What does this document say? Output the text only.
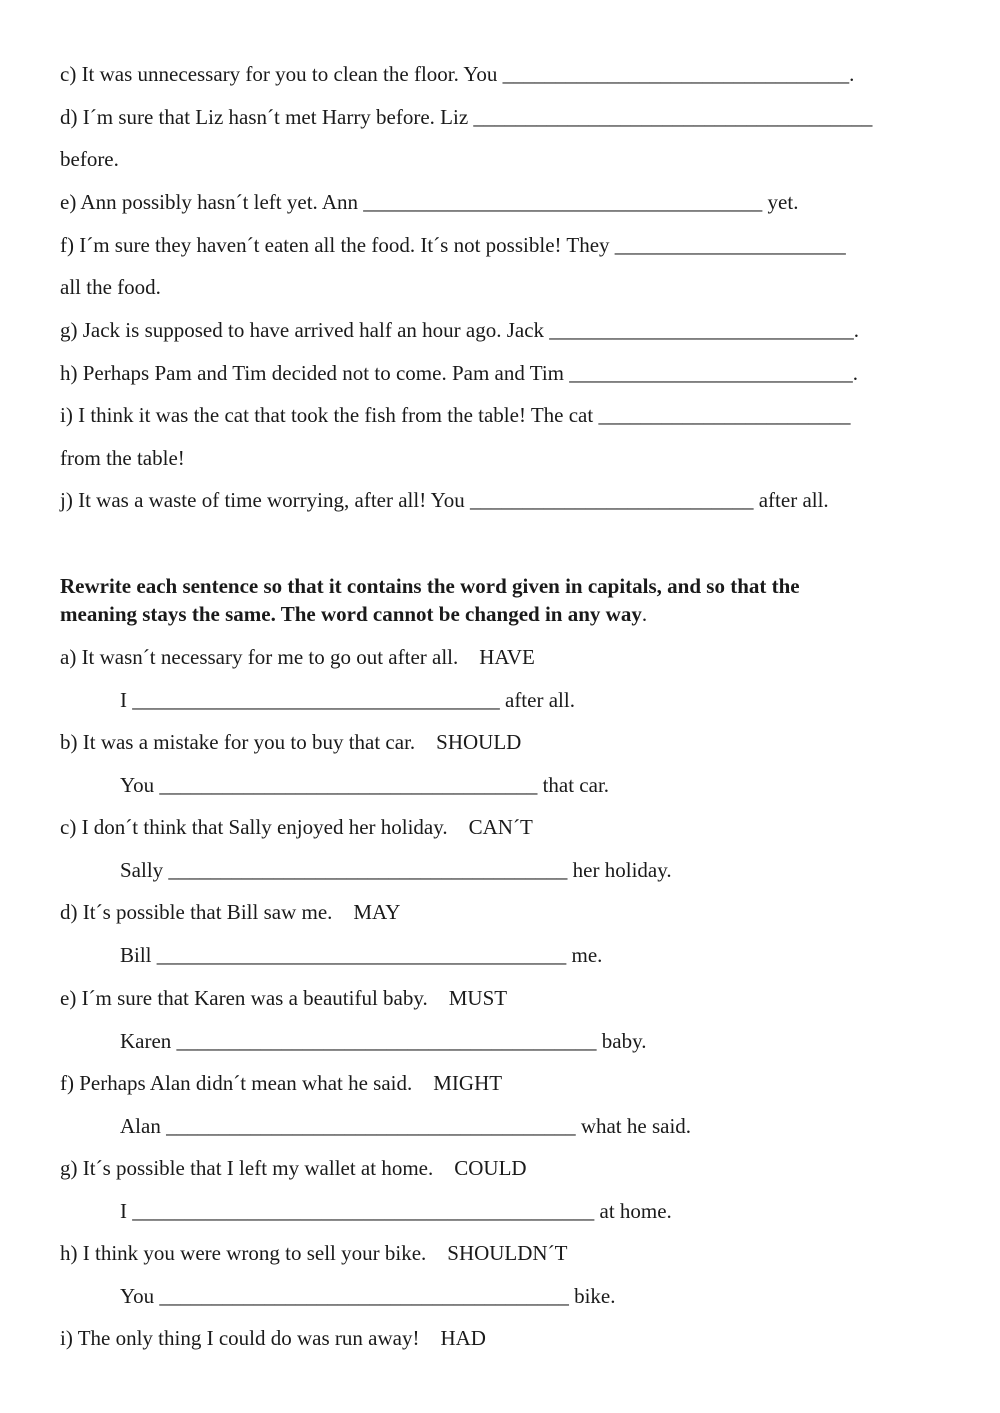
c) It was unnecessary for you to clean the floor. You _________________________________.
d) I´m sure that Liz hasn´t met Harry before. Liz ______________________________________
before.
e) Ann possibly hasn´t left yet. Ann ______________________________________ yet.
f) I´m sure they haven´t eaten all the food. It´s not possible! They ______________________
all the food.
g) Jack is supposed to have arrived half an hour ago. Jack _____________________________.
h) Perhaps Pam and Tim decided not to come. Pam and Tim ___________________________.
i) I think it was the cat that took the fish from the table! The cat ________________________
from the table!
j) It was a waste of time worrying, after all! You ___________________________ after all.
Rewrite each sentence so that it contains the word given in capitals, and so that the
meaning stays the same. The word cannot be changed in any way.
a) It wasn´t necessary for me to go out after all.    HAVE
I ___________________________________ after all.
b) It was a mistake for you to buy that car.    SHOULD
You ____________________________________ that car.
c) I don´t think that Sally enjoyed her holiday.    CAN´T
Sally ______________________________________ her holiday.
d) It´s possible that Bill saw me.    MAY
Bill _______________________________________ me.
e) I´m sure that Karen was a beautiful baby.    MUST
Karen ________________________________________ baby.
f) Perhaps Alan didn´t mean what he said.    MIGHT
Alan _______________________________________ what he said.
g) It´s possible that I left my wallet at home.    COULD
I ____________________________________________ at home.
h) I think you were wrong to sell your bike.    SHOULDN´T
You _______________________________________ bike.
i) The only thing I could do was run away!    HAD
